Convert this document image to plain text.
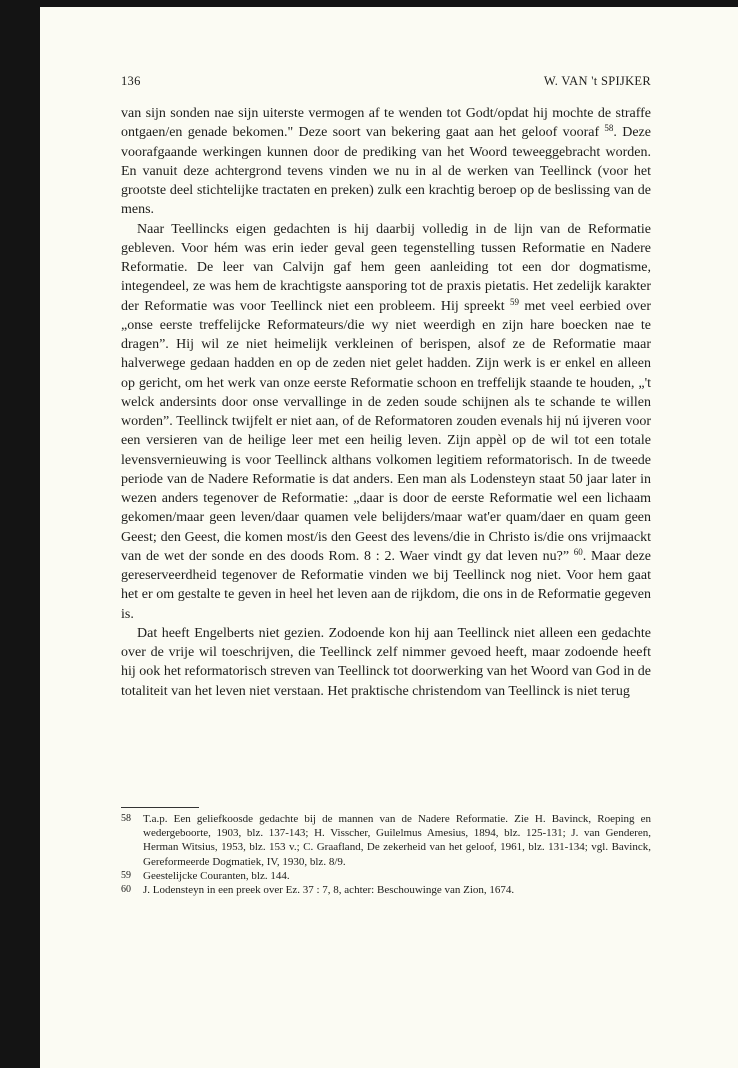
136	W. VAN 't SPIJKER

van sijn sonden nae sijn uiterste vermogen af te wenden tot Godt/opdat hij mochte de straffe ontgaen/en genade bekomen." Deze soort van bekering gaat aan het geloof vooraf $^{58}$. Deze voorafgaande werkingen kunnen door de prediking van het Woord teweeggebracht worden. En vanuit deze achtergrond tevens vinden we nu in al de werken van Teellinck (voor het grootste deel stichtelijke tractaten en preken) zulk een krachtig beroep op de beslissing van de mens.

Naar Teellincks eigen gedachten is hij daarbij volledig in de lijn van de Reformatie gebleven. Voor hém was erin ieder geval geen tegenstelling tussen Reformatie en Nadere Reformatie. De leer van Calvijn gaf hem geen aanleiding tot een dor dogmatisme, integendeel, ze was hem de krachtigste aansporing tot de praxis pietatis. Het zedelijk karakter der Reformatie was voor Teellinck niet een probleem. Hij spreekt $^{59}$ met veel eerbied over „onse eerste treffelijcke Reformateurs/die wy niet weerdigh en zijn hare boecken nae te dragen”. Hij wil ze niet heimelijk verkleinen of berispen, alsof ze de Reformatie maar halverwege gedaan hadden en op de zeden niet gelet hadden. Zijn werk is er enkel en alleen op gericht, om het werk van onze eerste Reformatie schoon en treffelijk staande te houden, „'t welck andersints door onse vervallinge in de zeden soude schijnen als te schande te willen worden”. Teellinck twijfelt er niet aan, of de Reformatoren zouden evenals hij nú ijveren voor een versieren van de heilige leer met een heilig leven. Zijn appèl op de wil tot een totale levensvernieuwing is voor Teellinck althans volkomen legitiem reformatorisch. In de tweede periode van de Nadere Reformatie is dat anders. Een man als Lodensteyn staat 50 jaar later in wezen anders tegenover de Reformatie: „daar is door de eerste Reformatie wel een lichaam gekomen/maar geen leven/daar quamen vele belijders/maar wat'er quam/daer en quam geen Geest; den Geest, die komen most/is den Geest des levens/die in Christo is/die ons vrijmaackt van de wet der sonde en des doods Rom. 8 : 2. Waer vindt gy dat leven nu?” $^{60}$. Maar deze gereserveerdheid tegenover de Reformatie vinden we bij Teellinck nog niet. Voor hem gaat het er om gestalte te geven in heel het leven aan de rijkdom, die ons in de Reformatie gegeven is.

Dat heeft Engelberts niet gezien. Zodoende kon hij aan Teellinck niet alleen een gedachte over de vrije wil toeschrijven, die Teellinck zelf nimmer gevoed heeft, maar zodoende heeft hij ook het reformatorisch streven van Teellinck tot doorwerking van het Woord van God in de totaliteit van het leven niet verstaan. Het praktische christendom van Teellinck is niet terug

58 T.a.p. Een geliefkoosde gedachte bij de mannen van de Nadere Reformatie. Zie H. Bavinck, Roeping en wedergeboorte, 1903, blz. 137-143; H. Visscher, Guilelmus Amesius, 1894, blz. 125-131; J. van Genderen, Herman Witsius, 1953, blz. 153 v.; C. Graafland, De zekerheid van het geloof, 1961, blz. 131-134; vgl. Bavinck, Gereformeerde Dogmatiek, IV, 1930, blz. 8/9.
59 Geestelijcke Couranten, blz. 144.
60 J. Lodensteyn in een preek over Ez. 37 : 7, 8, achter: Beschouwinge van Zion, 1674.
